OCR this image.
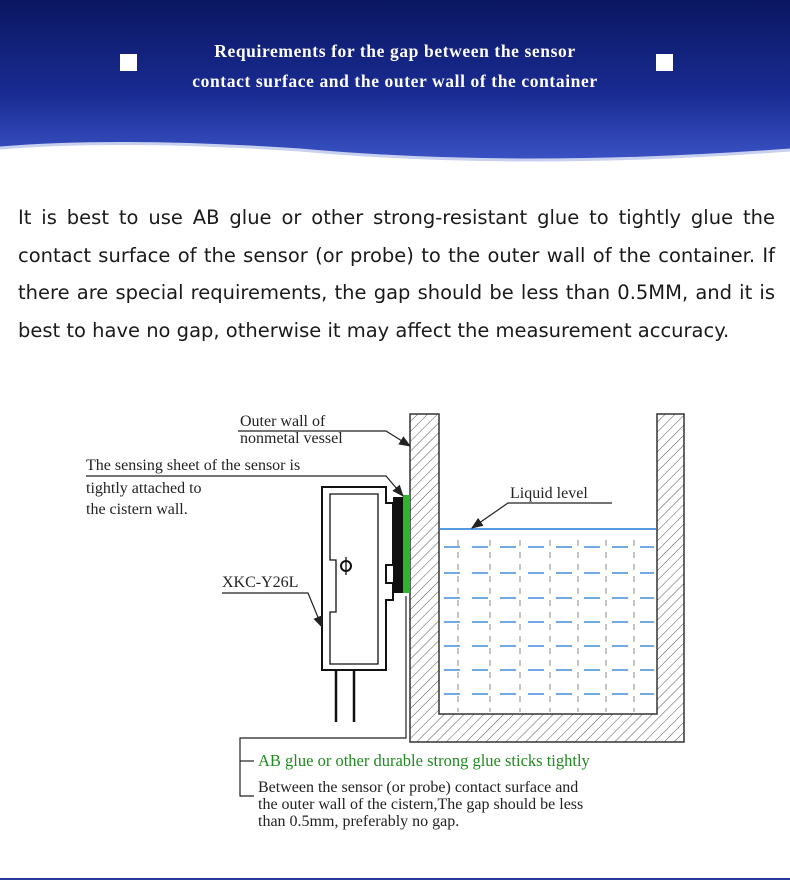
Requirements for the gap between the sensor
contact surface and the outer wall of the container
It is best to use AB glue or other strong-resistant glue to tightly glue the contact surface of the sensor (or probe) to the outer wall of the container. If there are special requirements, the gap should be less than 0.5MM, and it is best to have no gap, otherwise it may affect the measurement accuracy.
Outer wall of
nonmetal vessel
The sensing sheet of the sensor is
tightly attached to
the cistern wall.
XKC-Y26L
Liquid level
AB glue or other durable strong glue sticks tightly
Between the sensor (or probe) contact surface and
the outer wall of the cistern,The gap should be less
than 0.5mm, preferably no gap.
